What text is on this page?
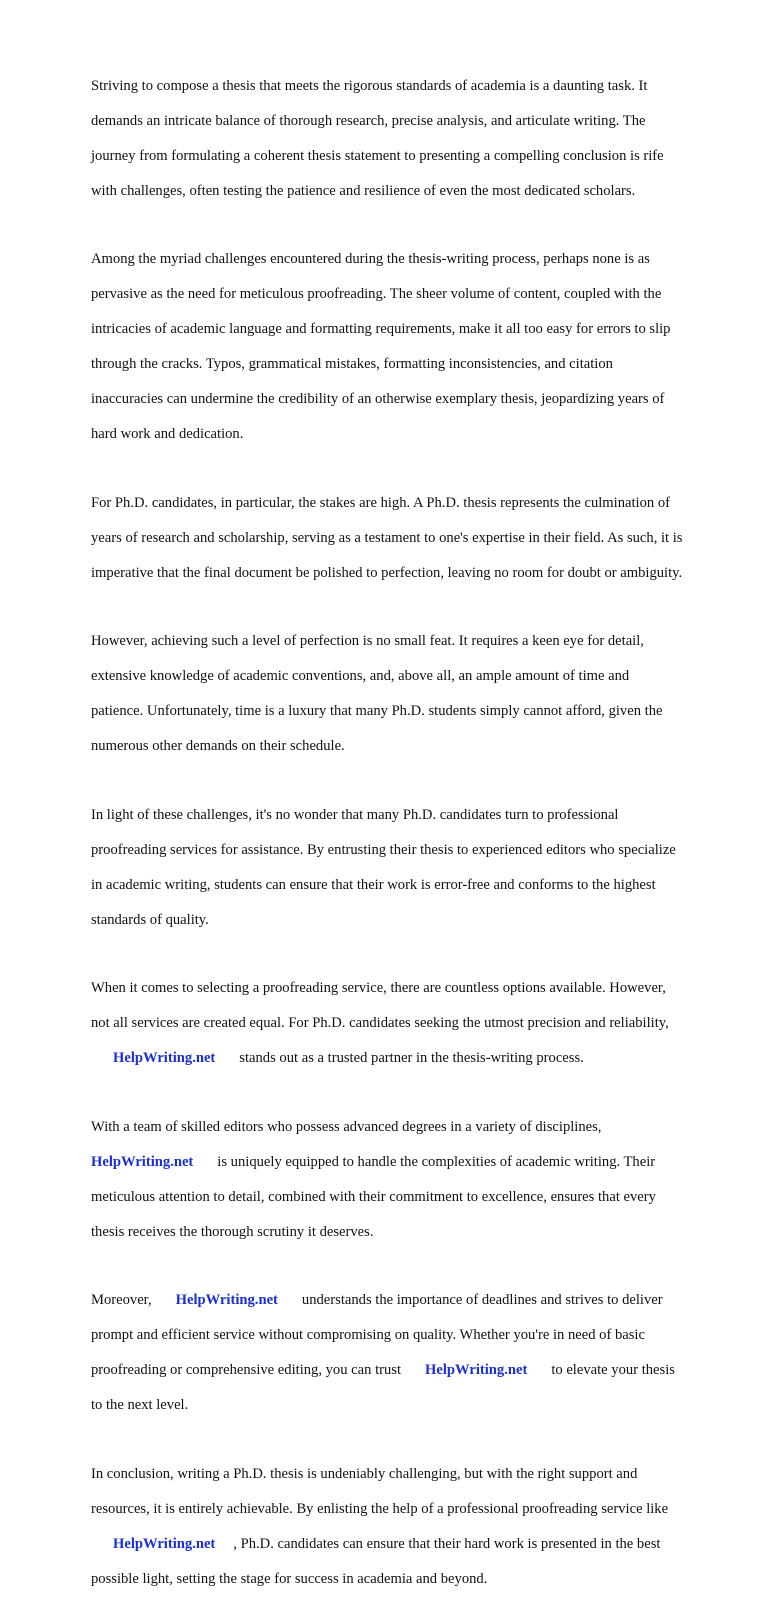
Striving to compose a thesis that meets the rigorous standards of academia is a daunting task. It

demands an intricate balance of thorough research, precise analysis, and articulate writing. The

journey from formulating a coherent thesis statement to presenting a compelling conclusion is rife

with challenges, often testing the patience and resilience of even the most dedicated scholars.

Among the myriad challenges encountered during the thesis-writing process, perhaps none is as

pervasive as the need for meticulous proofreading. The sheer volume of content, coupled with the

intricacies of academic language and formatting requirements, make it all too easy for errors to slip

through the cracks. Typos, grammatical mistakes, formatting inconsistencies, and citation

inaccuracies can undermine the credibility of an otherwise exemplary thesis, jeopardizing years of

hard work and dedication.

For Ph.D. candidates, in particular, the stakes are high. A Ph.D. thesis represents the culmination of

years of research and scholarship, serving as a testament to one's expertise in their field. As such, it is

imperative that the final document be polished to perfection, leaving no room for doubt or ambiguity.

However, achieving such a level of perfection is no small feat. It requires a keen eye for detail,

extensive knowledge of academic conventions, and, above all, an ample amount of time and

patience. Unfortunately, time is a luxury that many Ph.D. students simply cannot afford, given the

numerous other demands on their schedule.

In light of these challenges, it's no wonder that many Ph.D. candidates turn to professional

proofreading services for assistance. By entrusting their thesis to experienced editors who specialize

in academic writing, students can ensure that their work is error-free and conforms to the highest

standards of quality.

When it comes to selecting a proofreading service, there are countless options available. However,

not all services are created equal. For Ph.D. candidates seeking the utmost precision and reliability,

HelpWriting.net stands out as a trusted partner in the thesis-writing process.

With a team of skilled editors who possess advanced degrees in a variety of disciplines,

HelpWriting.net is uniquely equipped to handle the complexities of academic writing. Their

meticulous attention to detail, combined with their commitment to excellence, ensures that every

thesis receives the thorough scrutiny it deserves.

Moreover, HelpWriting.net understands the importance of deadlines and strives to deliver

prompt and efficient service without compromising on quality. Whether you're in need of basic

proofreading or comprehensive editing, you can trust HelpWriting.net to elevate your thesis

to the next level.

In conclusion, writing a Ph.D. thesis is undeniably challenging, but with the right support and

resources, it is entirely achievable. By enlisting the help of a professional proofreading service like

HelpWriting.net , Ph.D. candidates can ensure that their hard work is presented in the best

possible light, setting the stage for success in academia and beyond.
